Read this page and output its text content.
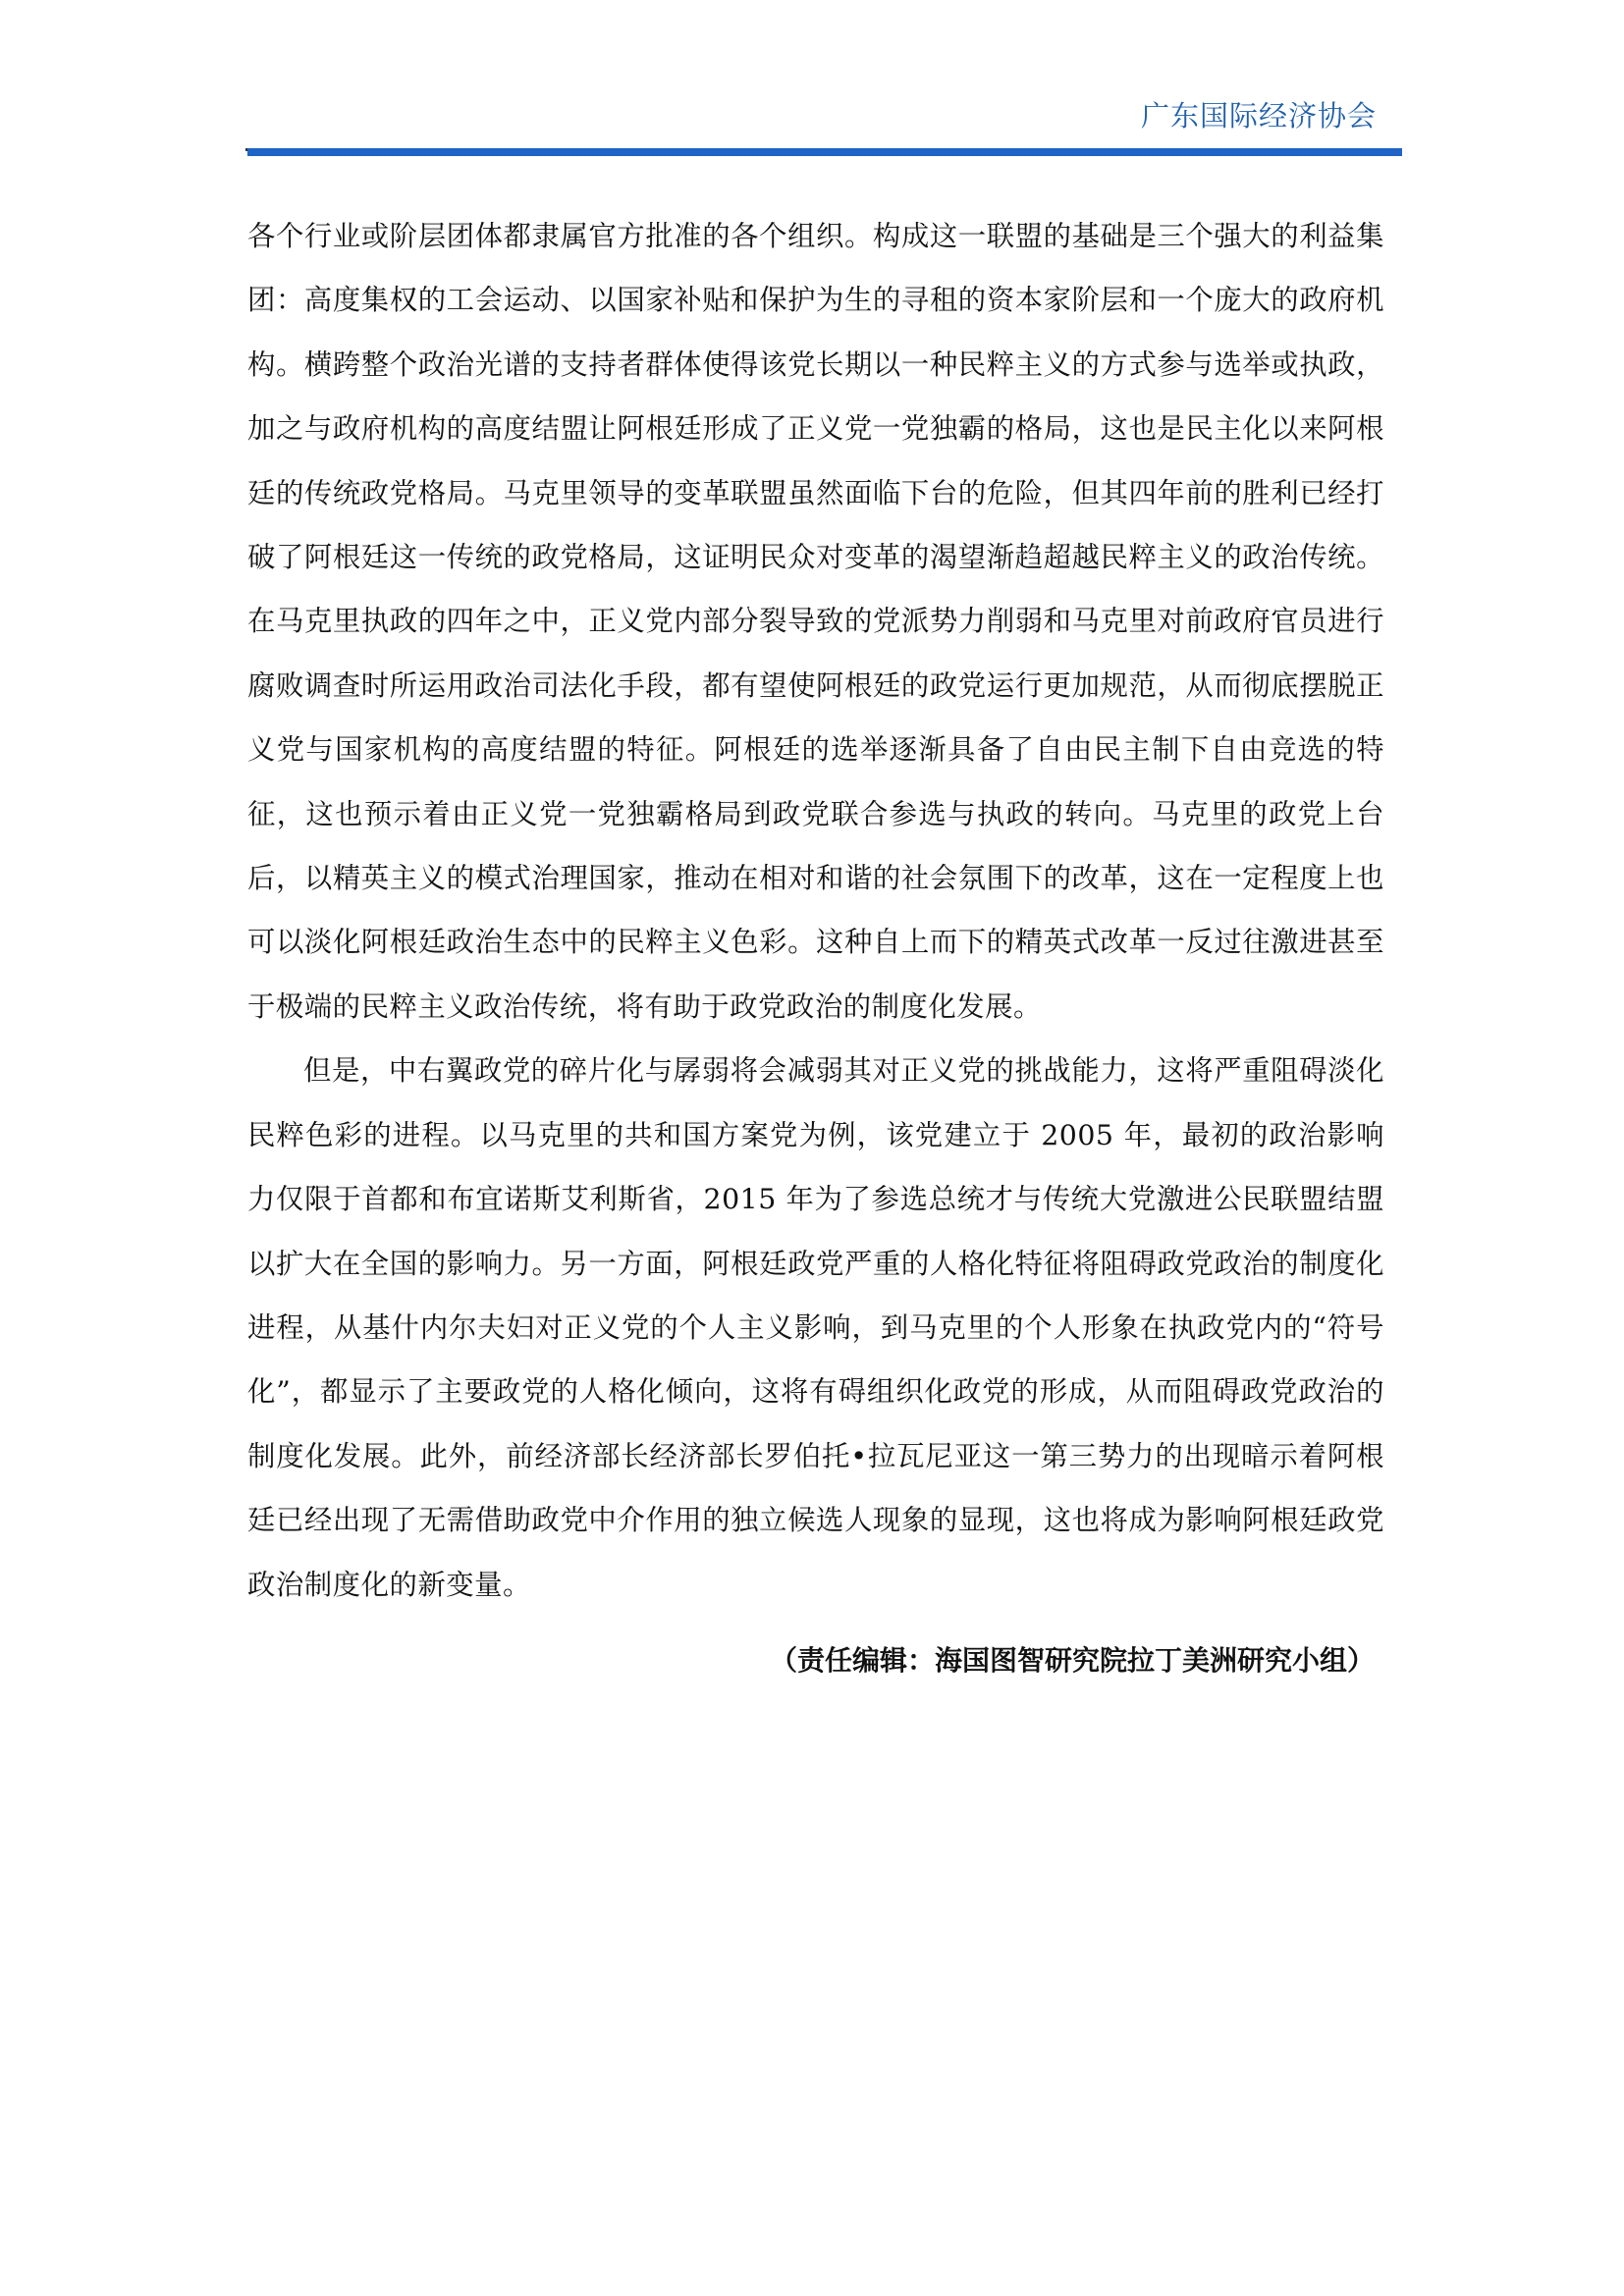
广东国际经济协会

各个行业或阶层团体都隶属官方批准的各个组织。构成这一联盟的基础是三个强大的利益集团：高度集权的工会运动、以国家补贴和保护为生的寻租的资本家阶层和一个庞大的政府机构。横跨整个政治光谱的支持者群体使得该党长期以一种民粹主义的方式参与选举或执政，加之与政府机构的高度结盟让阿根廷形成了正义党一党独霸的格局，这也是民主化以来阿根廷的传统政党格局。马克里领导的变革联盟虽然面临下台的危险，但其四年前的胜利已经打破了阿根廷这一传统的政党格局，这证明民众对变革的渴望渐趋超越民粹主义的政治传统。在马克里执政的四年之中，正义党内部分裂导致的党派势力削弱和马克里对前政府官员进行腐败调查时所运用政治司法化手段，都有望使阿根廷的政党运行更加规范，从而彻底摆脱正义党与国家机构的高度结盟的特征。阿根廷的选举逐渐具备了自由民主制下自由竞选的特征，这也预示着由正义党一党独霸格局到政党联合参选与执政的转向。马克里的政党上台后，以精英主义的模式治理国家，推动在相对和谐的社会氛围下的改革，这在一定程度上也可以淡化阿根廷政治生态中的民粹主义色彩。这种自上而下的精英式改革一反过往激进甚至于极端的民粹主义政治传统，将有助于政党政治的制度化发展。

但是，中右翼政党的碎片化与孱弱将会减弱其对正义党的挑战能力，这将严重阻碍淡化民粹色彩的进程。以马克里的共和国方案党为例，该党建立于 2005 年，最初的政治影响力仅限于首都和布宜诺斯艾利斯省，2015 年为了参选总统才与传统大党激进公民联盟结盟以扩大在全国的影响力。另一方面，阿根廷政党严重的人格化特征将阻碍政党政治的制度化进程，从基什内尔夫妇对正义党的个人主义影响，到马克里的个人形象在执政党内的“符号化”，都显示了主要政党的人格化倾向，这将有碍组织化政党的形成，从而阻碍政党政治的制度化发展。此外，前经济部长经济部长罗伯托•拉瓦尼亚这一第三势力的出现暗示着阿根廷已经出现了无需借助政党中介作用的独立候选人现象的显现，这也将成为影响阿根廷政党政治制度化的新变量。

（责任编辑：海国图智研究院拉丁美洲研究小组）
